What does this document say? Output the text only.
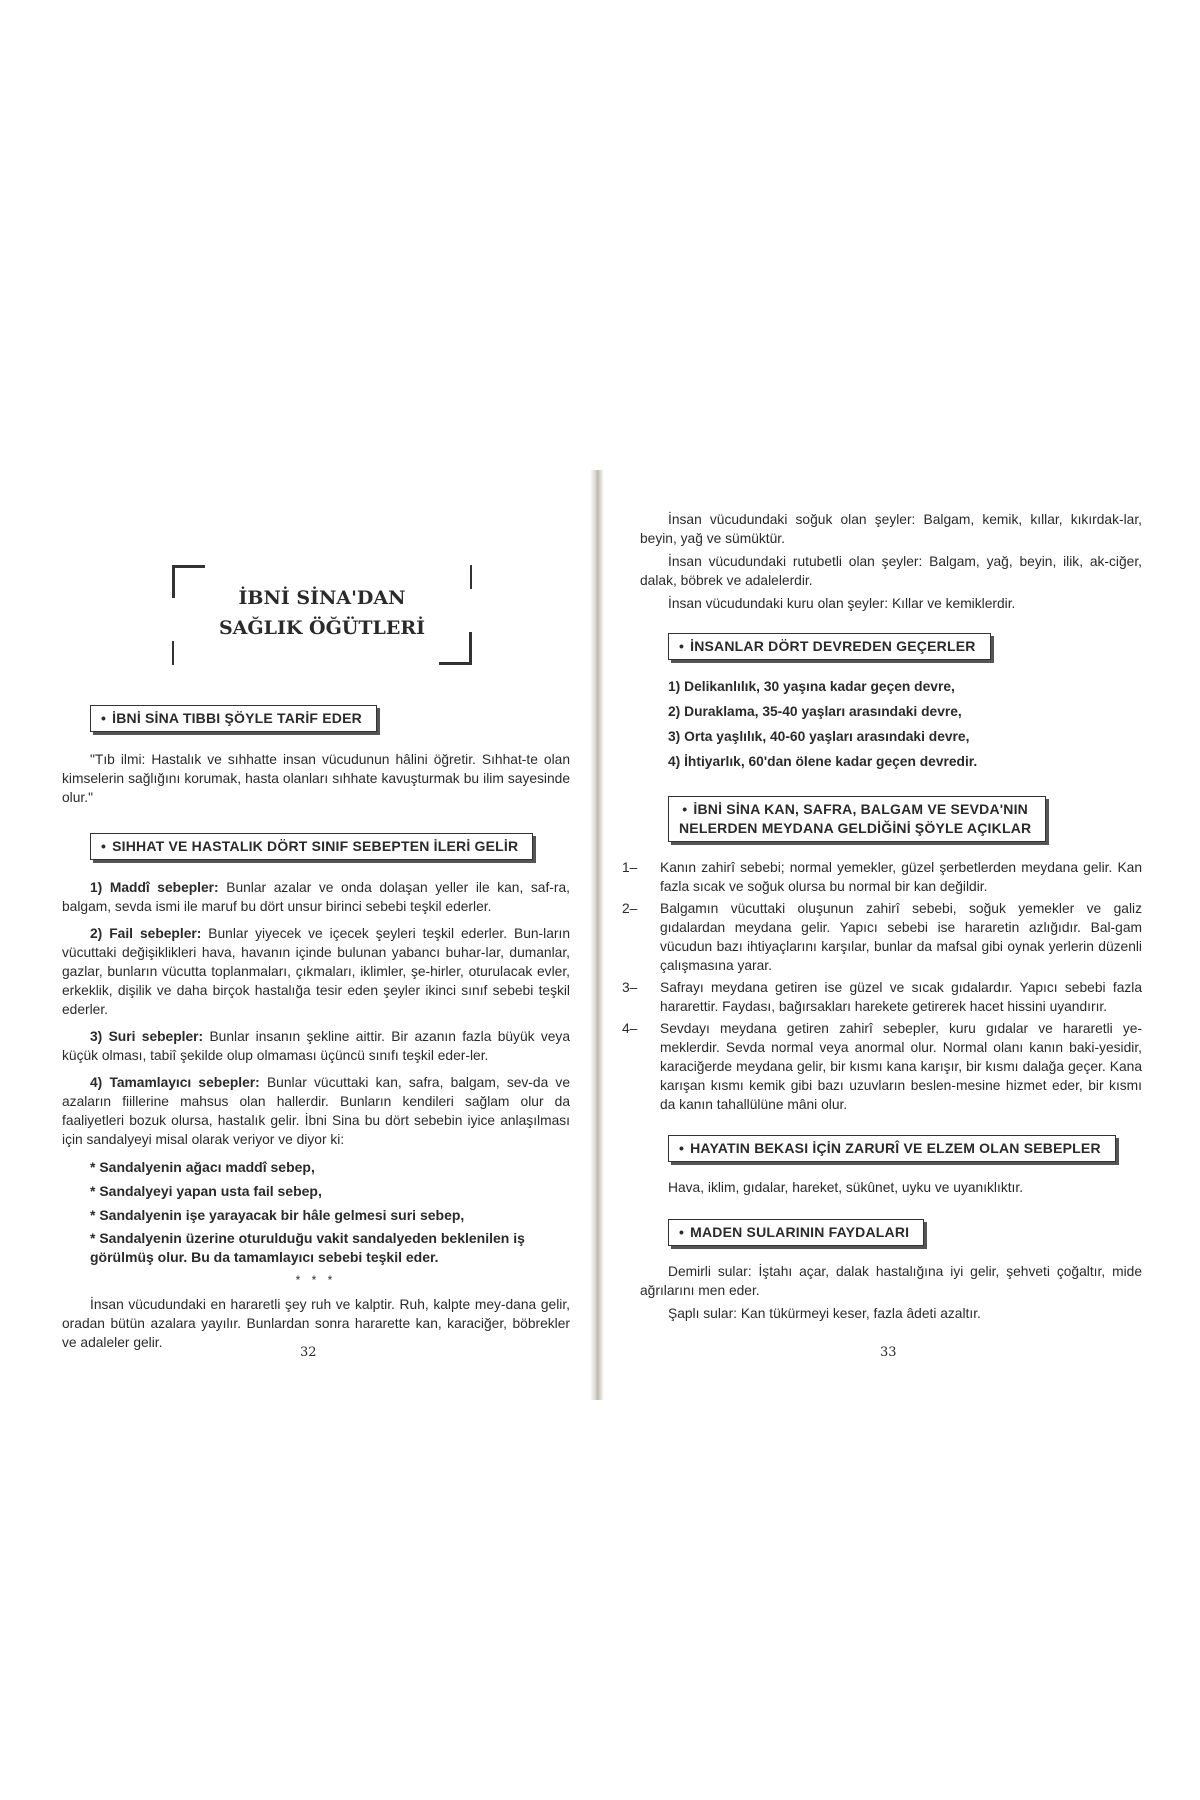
İBNİ SİNA'DAN
SAĞLIK ÖĞÜTLERİ
• İBNİ SİNA TIBBI ŞÖYLE TARİF EDER

"Tıb ilmi: Hastalık ve sıhhatte insan vücudunun hâlini öğretir. Sıhhat-te olan kimselerin sağlığını korumak, hasta olanları sıhhate kavuşturmak bu ilim sayesinde olur."

• SIHHAT VE HASTALIK DÖRT SINIF SEBEPTEN İLERİ GELİR

1) Maddî sebepler: Bunlar azalar ve onda dolaşan yeller ile kan, saf-ra, balgam, sevda ismi ile maruf bu dört unsur birinci sebebi teşkil ederler.

2) Fail sebepler: Bunlar yiyecek ve içecek şeyleri teşkil ederler. Bun-ların vücuttaki değişiklikleri hava, havanın içinde bulunan yabancı buhar-lar, dumanlar, gazlar, bunların vücutta toplanmaları, çıkmaları, iklimler, şe-hirler, oturulacak evler, erkeklik, dişilik ve daha birçok hastalığa tesir eden şeyler ikinci sınıf sebebi teşkil ederler.

3) Suri sebepler: Bunlar insanın şekline aittir. Bir azanın fazla büyük veya küçük olması, tabiî şekilde olup olmaması üçüncü sınıfı teşkil eder-ler.

4) Tamamlayıcı sebepler: Bunlar vücuttaki kan, safra, balgam, sev-da ve azaların fiillerine mahsus olan hallerdir. Bunların kendileri sağlam olur da faaliyetleri bozuk olursa, hastalık gelir. İbni Sina bu dört sebebin iyice anlaşılması için sandalyeyi misal olarak veriyor ve diyor ki:

* Sandalyenin ağacı maddî sebep,
* Sandalyeyi yapan usta fail sebep,
* Sandalyenin işe yarayacak bir hâle gelmesi suri sebep,
* Sandalyenin üzerine oturulduğu vakit sandalyeden beklenilen iş görülmüş olur. Bu da tamamlayıcı sebebi teşkil eder.
* * *

İnsan vücudundaki en hararetli şey ruh ve kalptir. Ruh, kalpte mey-dana gelir, oradan bütün azalara yayılır. Bunlardan sonra hararette kan, karaciğer, böbrekler ve adaleler gelir.

32

İnsan vücudundaki soğuk olan şeyler: Balgam, kemik, kıllar, kıkırdak-lar, beyin, yağ ve sümüktür.

İnsan vücudundaki rutubetli olan şeyler: Balgam, yağ, beyin, ilik, ak-ciğer, dalak, böbrek ve adalelerdir.

İnsan vücudundaki kuru olan şeyler: Kıllar ve kemiklerdir.

• İNSANLAR DÖRT DEVREDEN GEÇERLER
1) Delikanlılık, 30 yaşına kadar geçen devre,
2) Duraklama, 35-40 yaşları arasındaki devre,
3) Orta yaşlılık, 40-60 yaşları arasındaki devre,
4) İhtiyarlık, 60'dan ölene kadar geçen devredir.
• İBNİ SİNA KAN, SAFRA, BALGAM VE SEVDA'NIN
NELERDEN MEYDANA GELDİĞİNİ ŞÖYLE AÇIKLAR
1– Kanın zahirî sebebi; normal yemekler, güzel şerbetlerden meydana gelir. Kan fazla sıcak ve soğuk olursa bu normal bir kan değildir.
2– Balgamın vücuttaki oluşunun zahirî sebebi, soğuk yemekler ve galiz gıdalardan meydana gelir. Yapıcı sebebi ise hararetin azlığıdır. Bal-gam vücudun bazı ihtiyaçlarını karşılar, bunlar da mafsal gibi oynak yerlerin düzenli çalışmasına yarar.
3– Safrayı meydana getiren ise güzel ve sıcak gıdalardır. Yapıcı sebebi fazla hararettir. Faydası, bağırsakları harekete getirerek hacet hissini uyandırır.
4– Sevdayı meydana getiren zahirî sebepler, kuru gıdalar ve hararetli ye-meklerdir. Sevda normal veya anormal olur. Normal olanı kanın baki-yesidir, karaciğerde meydana gelir, bir kısmı kana karışır, bir kısmı dalağa geçer. Kana karışan kısmı kemik gibi bazı uzuvların beslen-mesine hizmet eder, bir kısmı da kanın tahallülüne mâni olur.
• HAYATIN BEKASI İÇİN ZARURÎ VE ELZEM OLAN SEBEPLER

Hava, iklim, gıdalar, hareket, sükûnet, uyku ve uyanıklıktır.

• MADEN SULARININ FAYDALARI

Demirli sular: İştahı açar, dalak hastalığına iyi gelir, şehveti çoğaltır, mide ağrılarını men eder.

Şaplı sular: Kan tükürmeyi keser, fazla âdeti azaltır.

33
